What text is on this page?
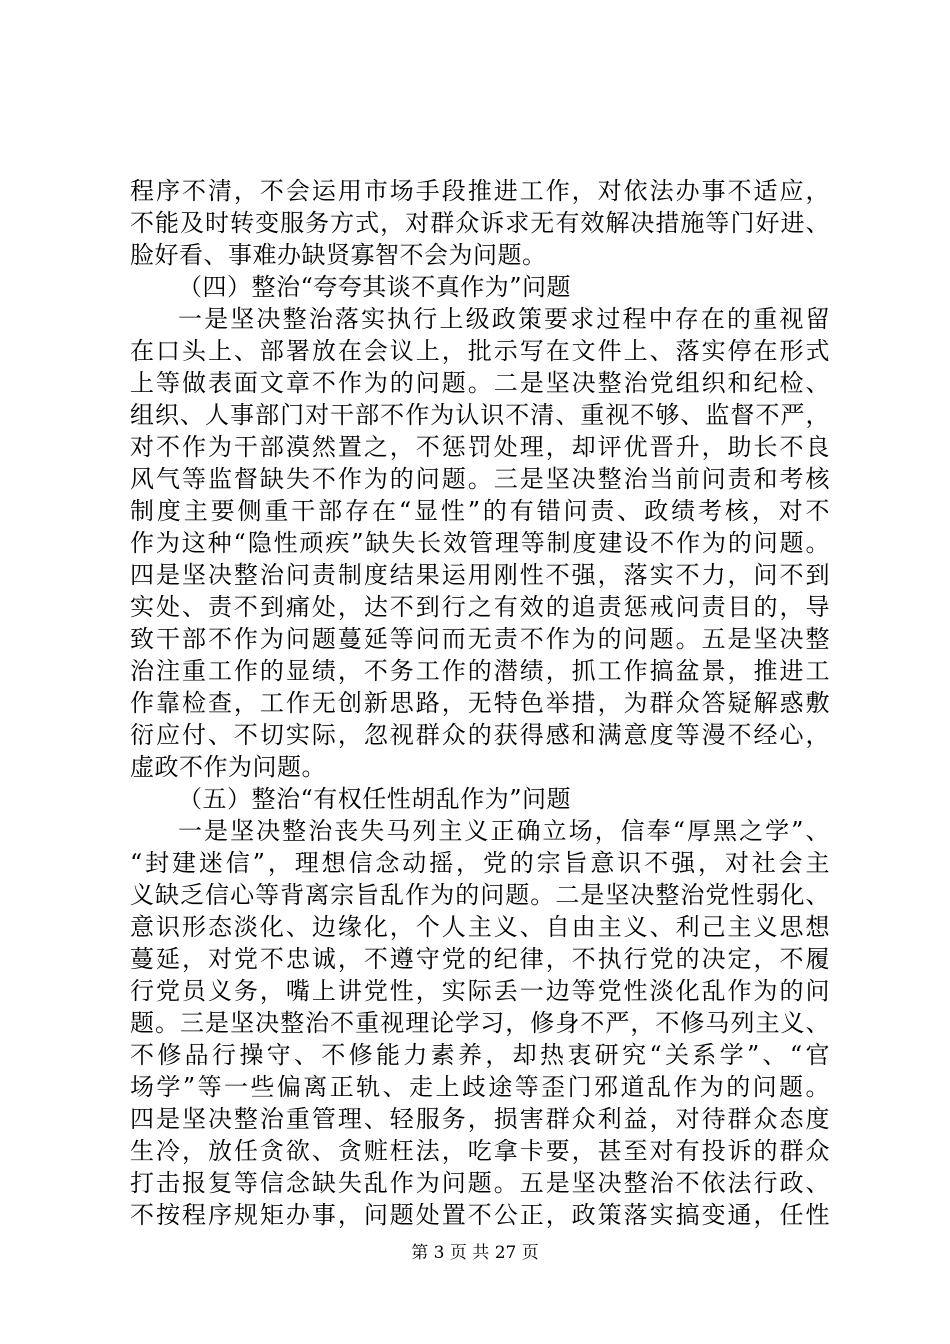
程序不清，不会运用市场手段推进工作，对依法办事不适应，
不能及时转变服务方式，对群众诉求无有效解决措施等门好进、
脸好看、事难办缺贤寡智不会为问题。
（四）整治“夸夸其谈不真作为”问题
一是坚决整治落实执行上级政策要求过程中存在的重视留
在口头上、部署放在会议上，批示写在文件上、落实停在形式
上等做表面文章不作为的问题。二是坚决整治党组织和纪检、
组织、人事部门对干部不作为认识不清、重视不够、监督不严，
对不作为干部漠然置之，不惩罚处理，却评优晋升，助长不良
风气等监督缺失不作为的问题。三是坚决整治当前问责和考核
制度主要侧重干部存在“显性”的有错问责、政绩考核，对不
作为这种“隐性顽疾”缺失长效管理等制度建设不作为的问题。
四是坚决整治问责制度结果运用刚性不强，落实不力，问不到
实处、责不到痛处，达不到行之有效的追责惩戒问责目的，导
致干部不作为问题蔓延等问而无责不作为的问题。五是坚决整
治注重工作的显绩，不务工作的潜绩，抓工作搞盆景，推进工
作靠检查，工作无创新思路，无特色举措，为群众答疑解惑敷
衍应付、不切实际，忽视群众的获得感和满意度等漫不经心，
虚政不作为问题。
（五）整治“有权任性胡乱作为”问题
一是坚决整治丧失马列主义正确立场，信奉“厚黑之学”、
“封建迷信”，理想信念动摇，党的宗旨意识不强，对社会主
义缺乏信心等背离宗旨乱作为的问题。二是坚决整治党性弱化、
意识形态淡化、边缘化，个人主义、自由主义、利己主义思想
蔓延，对党不忠诚，不遵守党的纪律，不执行党的决定，不履
行党员义务，嘴上讲党性，实际丢一边等党性淡化乱作为的问
题。三是坚决整治不重视理论学习，修身不严，不修马列主义、
不修品行操守、不修能力素养，却热衷研究“关系学”、“官
场学”等一些偏离正轨、走上歧途等歪门邪道乱作为的问题。
四是坚决整治重管理、轻服务，损害群众利益，对待群众态度
生冷，放任贪欲、贪赃枉法，吃拿卡要，甚至对有投诉的群众
打击报复等信念缺失乱作为问题。五是坚决整治不依法行政、
不按程序规矩办事，问题处置不公正，政策落实搞变通，任性
第 3 页 共 27 页
